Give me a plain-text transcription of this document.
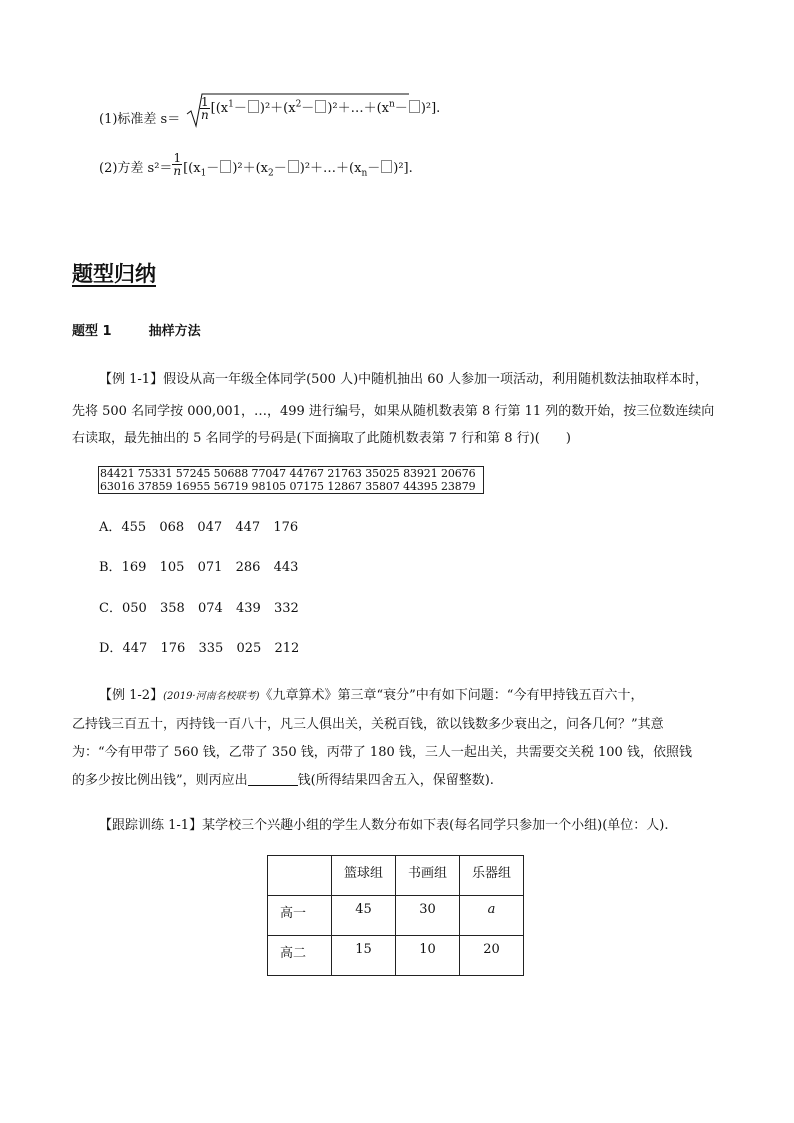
(1)标准差 $s= \frac{1}{n} [(x^1- )^2+(x^2-$ )$^2+\dots+(x^n- )^2$].
(2)方差 $s^2= \frac{1}{n} [(x_1- )^2+(x_2-$ )$^2+\dots+(x_n- )^2$].
题型归纳
题型 1	抽样方法
【例 1-1】假设从高一年级全体同学(500 人)中随机抽出 60 人参加一项活动，利用随机数法抽取样本时，
先将 500 名同学按 000,001，…，499 进行编号，如果从随机数表第 8 行第 11 列的数开始，按三位数连续向
右读取，最先抽出的 5 名同学的号码是(下面摘取了此随机数表第 7 行和第 8 行)(　　)
84421 75331 57245 50688 77047 44767 21763 35025 83921 20676
63016 37859 16955 56719 98105 07175 12867 35807 44395 23879
A．455 068 047 447 176
B．169 105 071 286 443
C．050 358 074 439 332
D．447 176 335 025 212
【例 1-2】(2019·河南名校联考)《九章算术》第三章“衰分”中有如下问题：“今有甲持钱五百六十，
乙持钱三百五十，丙持钱一百八十，凡三人俱出关，关税百钱，欲以钱数多少衰出之，问各几何？”其意
为：“今有甲带了 560 钱，乙带了 350 钱，丙带了 180 钱，三人一起出关，共需要交关税 100 钱，依照钱
的多少按比例出钱”，则丙应出	钱(所得结果四舍五入，保留整数).
【跟踪训练 1-1】某学校三个兴趣小组的学生人数分布如下表(每名同学只参加一个小组)(单位：人).
	篮球组	书画组	乐器组
高一	45	30	a
高二	15	10	20
